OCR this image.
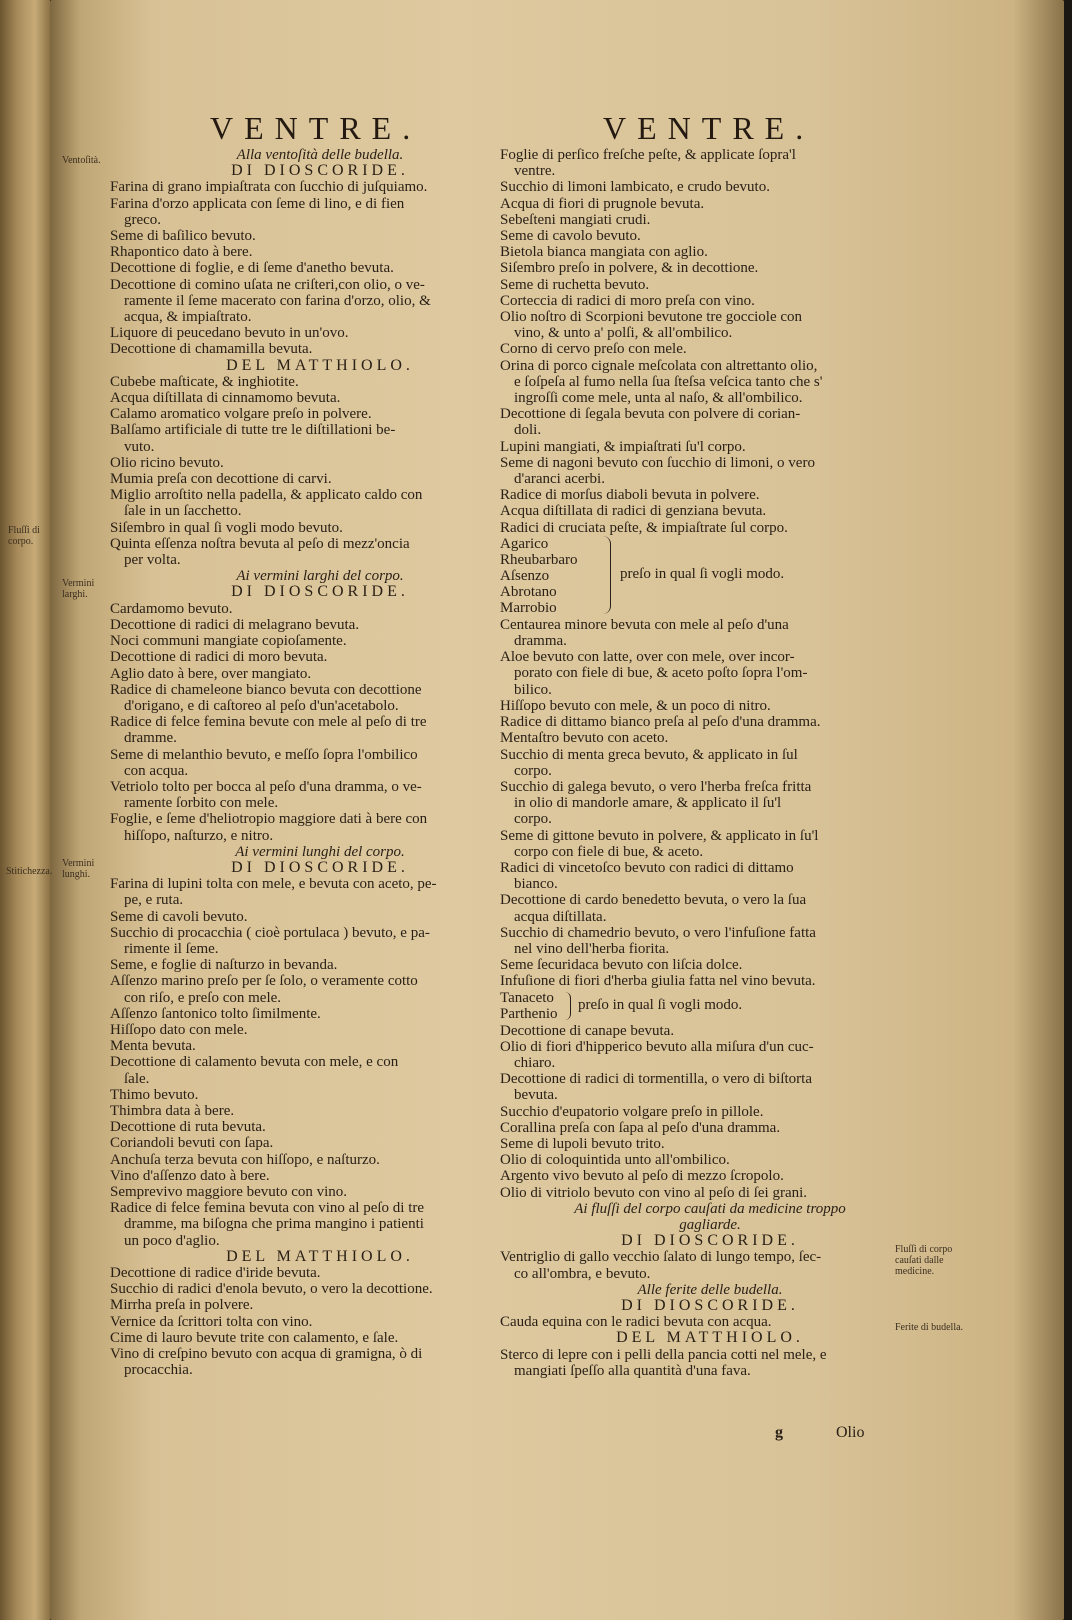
VENTRE.	VENTRE.
Alla ventoſità delle budella.
DI DIOSCORIDE.
Farina di grano impiaſtrata con ſucchio di juſquiamo.
Farina d'orzo applicata con ſeme di lino, e di fien
greco.
Seme di baſilico bevuto.
Rhapontico dato à bere.
Decottione di foglie, e di ſeme d'anetho bevuta.
Decottione di comino uſata ne criſteri,con olio, o ve-
ramente il ſeme macerato con farina d'orzo, olio, &
acqua, & impiaſtrato.
Liquore di peucedano bevuto in un'ovo.
Decottione di chamamilla bevuta.
DEL MATTHIOLO.
Cubebe maſticate, & inghiotite.
Acqua diſtillata di cinnamomo bevuta.
Calamo aromatico volgare preſo in polvere.
Balſamo artificiale di tutte tre le diſtillationi be-
vuto.
Olio ricino bevuto.
Mumia preſa con decottione di carvi.
Miglio arroſtito nella padella, & applicato caldo con
ſale in un ſacchetto.
Siſembro in qual ſi vogli modo bevuto.
Quinta eſſenza noſtra bevuta al peſo di mezz'oncia
per volta.
Ai vermini larghi del corpo.
DI DIOSCORIDE.
Cardamomo bevuto.
Decottione di radici di melagrano bevuta.
Noci communi mangiate copioſamente.
Decottione di radici di moro bevuta.
Aglio dato à bere, over mangiato.
Radice di chameleone bianco bevuta con decottione
d'origano, e di caſtoreo al peſo d'un'acetabolo.
Radice di felce femina bevute con mele al peſo di tre
dramme.
Seme di melanthio bevuto, e meſſo ſopra l'ombilico
con acqua.
Vetriolo tolto per bocca al peſo d'una dramma, o ve-
ramente ſorbito con mele.
Foglie, e ſeme d'heliotropio maggiore dati à bere con
hiſſopo, naſturzo, e nitro.
Ai vermini lunghi del corpo.
DI DIOSCORIDE.
Farina di lupini tolta con mele, e bevuta con aceto, pe-
pe, e ruta.
Seme di cavoli bevuto.
Succhio di procacchia ( cioè portulaca ) bevuto, e pa-
rimente il ſeme.
Seme, e foglie di naſturzo in bevanda.
Aſſenzo marino preſo per ſe ſolo, o veramente cotto
con riſo, e preſo con mele.
Aſſenzo ſantonico tolto ſimilmente.
Hiſſopo dato con mele.
Menta bevuta.
Decottione di calamento bevuta con mele, e con
ſale.
Thimo bevuto.
Thimbra data à bere.
Decottione di ruta bevuta.
Coriandoli bevuti con ſapa.
Anchuſa terza bevuta con hiſſopo, e naſturzo.
Vino d'aſſenzo dato à bere.
Semprevivo maggiore bevuto con vino.
Radice di felce femina bevuta con vino al peſo di tre
dramme, ma biſogna che prima mangino i patienti
un poco d'aglio.
DEL MATTHIOLO.
Decottione di radice d'iride bevuta.
Succhio di radici d'enola bevuto, o vero la decottione.
Mirrha preſa in polvere.
Vernice da ſcrittori tolta con vino.
Cime di lauro bevute trite con calamento, e ſale.
Vino di creſpino bevuto con acqua di gramigna, ò di
procacchia.
Foglie di perſico freſche peſte, & applicate ſopra'l
ventre.
Succhio di limoni lambicato, e crudo bevuto.
Acqua di fiori di prugnole bevuta.
Sebeſteni mangiati crudi.
Seme di cavolo bevuto.
Bietola bianca mangiata con aglio.
Siſembro preſo in polvere, & in decottione.
Seme di ruchetta bevuto.
Corteccia di radici di moro preſa con vino.
Olio noſtro di Scorpioni bevutone tre gocciole con
vino, & unto a' polſi, & all'ombilico.
Corno di cervo preſo con mele.
Orina di porco cignale meſcolata con altrettanto olio,
e ſoſpeſa al fumo nella ſua ſteſsa veſcica tanto che s'
ingroſſi come mele, unta al naſo, & all'ombilico.
Decottione di ſegala bevuta con polvere di corian-
doli.
Lupini mangiati, & impiaſtrati ſu'l corpo.
Seme di nagoni bevuto con ſucchio di limoni, o vero
d'aranci acerbi.
Radice di morſus diaboli bevuta in polvere.
Acqua diſtillata di radici di genziana bevuta.
Radici di cruciata peſte, & impiaſtrate ſul corpo.
Agarico
Rheubarbaro
Aſsenzo
Abrotano
Marrobio
preſo in qual ſi vogli modo.
Centaurea minore bevuta con mele al peſo d'una
dramma.
Aloe bevuto con latte, over con mele, over incor-
porato con fiele di bue, & aceto poſto ſopra l'om-
bilico.
Hiſſopo bevuto con mele, & un poco di nitro.
Radice di dittamo bianco preſa al peſo d'una dramma.
Mentaſtro bevuto con aceto.
Succhio di menta greca bevuto, & applicato in ſul
corpo.
Succhio di galega bevuto, o vero l'herba freſca fritta
in olio di mandorle amare, & applicato il ſu'l
corpo.
Seme di gittone bevuto in polvere, & applicato in ſu'l
corpo con fiele di bue, & aceto.
Radici di vincetoſco bevuto con radici di dittamo
bianco.
Decottione di cardo benedetto bevuta, o vero la ſua
acqua diſtillata.
Succhio di chamedrio bevuto, o vero l'infuſione fatta
nel vino dell'herba fiorita.
Seme ſecuridaca bevuto con liſcia dolce.
Infuſione di fiori d'herba giulia fatta nel vino bevuta.
Tanaceto
Parthenio
preſo in qual ſi vogli modo.
Decottione di canape bevuta.
Olio di fiori d'hipperico bevuto alla miſura d'un cuc-
chiaro.
Decottione di radici di tormentilla, o vero di biſtorta
bevuta.
Succhio d'eupatorio volgare preſo in pillole.
Corallina preſa con ſapa al peſo d'una dramma.
Seme di lupoli bevuto trito.
Olio di coloquintida unto all'ombilico.
Argento vivo bevuto al peſo di mezzo ſcropolo.
Olio di vitriolo bevuto con vino al peſo di ſei grani.
Ai fluſſi del corpo cauſati da medicine troppo
gagliarde.
DI DIOSCORIDE.
Ventriglio di gallo vecchio ſalato di lungo tempo, ſec-
co all'ombra, e bevuto.
Alle ferite delle budella.
DI DIOSCORIDE.
Cauda equina con le radici bevuta con acqua.
DEL MATTHIOLO.
Sterco di lepre con i pelli della pancia cotti nel mele, e
mangiati ſpeſſo alla quantità d'una fava.
Ventoſità.
Fluſſi di corpo.
Vermini larghi.
Stitichezza.
Vermini lunghi.
Fluſſi di corpo cauſati dalle medicine.
Ferite di budella.
g	Olio
